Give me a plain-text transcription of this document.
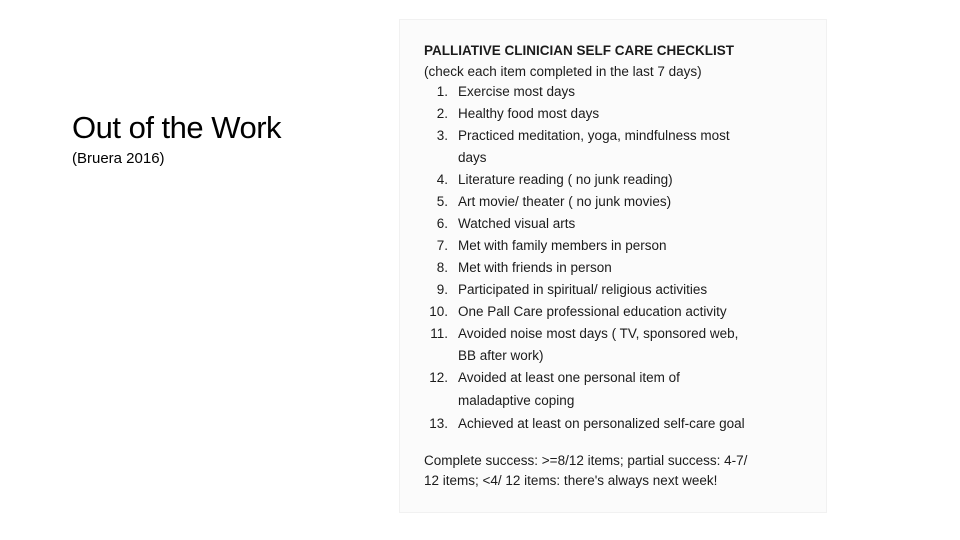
Out of the Work
(Bruera 2016)
PALLIATIVE CLINICIAN SELF CARE CHECKLIST
(check each item completed in the last 7 days)
1. Exercise most days
2. Healthy food most days
3. Practiced meditation, yoga, mindfulness most
days
4. Literature reading ( no junk reading)
5. Art movie/ theater ( no junk movies)
6. Watched visual arts
7. Met with family members in person
8. Met with friends in person
9. Participated in spiritual/ religious activities
10. One Pall Care professional education activity
11. Avoided noise most days ( TV, sponsored web,
BB after work)
12. Avoided at least one personal item of
maladaptive coping
13. Achieved at least on personalized self-care goal
Complete success: >=8/12 items; partial success: 4-7/
12 items; <4/ 12 items: there's always next week!
